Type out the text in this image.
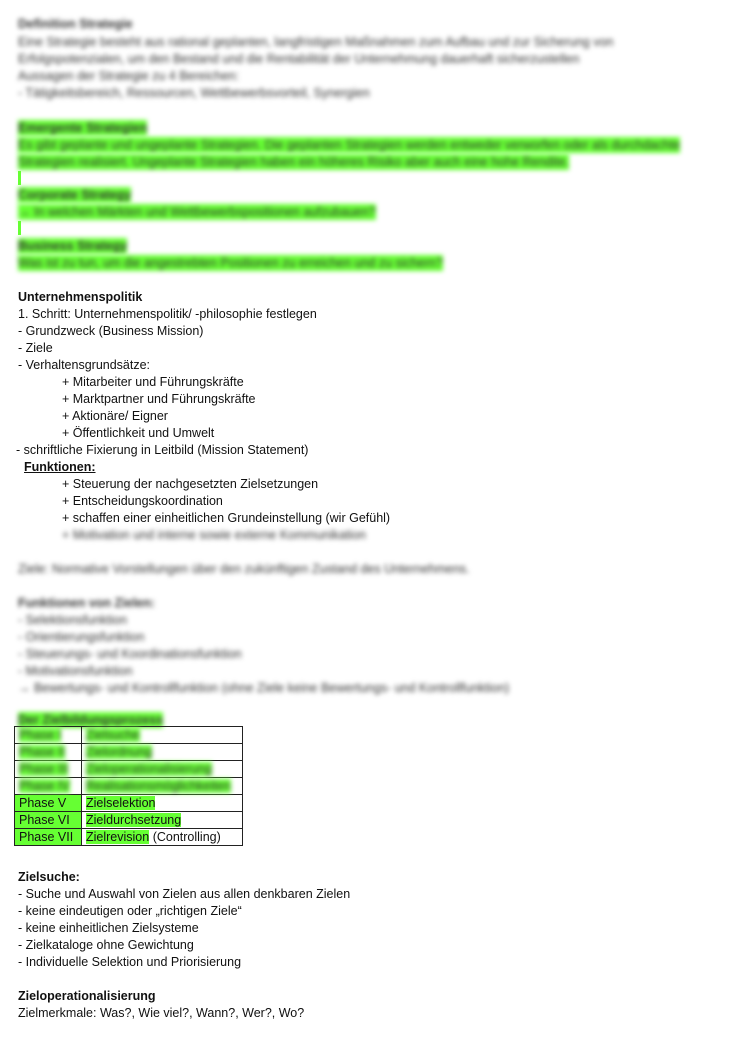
Definition Strategie
Eine Strategie besteht aus rational geplanten, langfristigen Maßnahmen zum Aufbau und zur Sicherung von
Erfolgspotenzialen, um den Bestand und die Rentabilität der Unternehmung dauerhaft sicherzustellen
Aussagen der Strategie zu 4 Bereichen:
- Tätigkeitsbereich, Ressourcen, Wettbewerbsvorteil, Synergien
Emergente Strategien
Es gibt geplante und ungeplante Strategien. Die geplanten Strategien werden entweder verworfen oder als durchdachte
Strategien realisiert. Ungeplante Strategien haben ein höheres Risiko aber auch eine hohe Rendite.
Corporate Strategy
→ In welchen Märkten und Wettbewerbspositionen aufzubauen?
Business Strategy
Was ist zu tun, um die angestrebten Positionen zu erreichen und zu sichern?
Unternehmenspolitik
1. Schritt: Unternehmenspolitik/ -philosophie festlegen
- Grundzweck (Business Mission)
- Ziele
- Verhaltensgrundsätze:
+ Mitarbeiter und Führungskräfte
+ Marktpartner und Führungskräfte
+ Aktionäre/ Eigner
+ Öffentlichkeit und Umwelt
- schriftliche Fixierung in Leitbild (Mission Statement)
Funktionen:
+ Steuerung der nachgesetzten Zielsetzungen
+ Entscheidungskoordination
+ schaffen einer einheitlichen Grundeinstellung (wir Gefühl)
+ Motivation und interne sowie externe Kommunikation
Ziele: Normative Vorstellungen über den zukünftigen Zustand des Unternehmens.
Funktionen von Zielen:
- Selektionsfunktion
- Orientierungsfunktion
- Steuerungs- und Koordinationsfunktion
- Motivationsfunktion
→ Bewertungs- und Kontrollfunktion (ohne Ziele keine Bewertungs- und Kontrollfunktion)
Der Zielbildungsprozess
Phase I	Zielsuche
Phase II	Zielordnung
Phase III	Zieloperationalisierung
Phase IV	Realisationsmöglichkeiten
Phase V	Zielselektion
Phase VI	Zieldurchsetzung
Phase VII	Zielrevision (Controlling)
Zielsuche:
- Suche und Auswahl von Zielen aus allen denkbaren Zielen
- keine eindeutigen oder „richtigen Ziele“
- keine einheitlichen Zielsysteme
- Zielkataloge ohne Gewichtung
- Individuelle Selektion und Priorisierung
Zieloperationalisierung
Zielmerkmale: Was?, Wie viel?, Wann?, Wer?, Wo?
